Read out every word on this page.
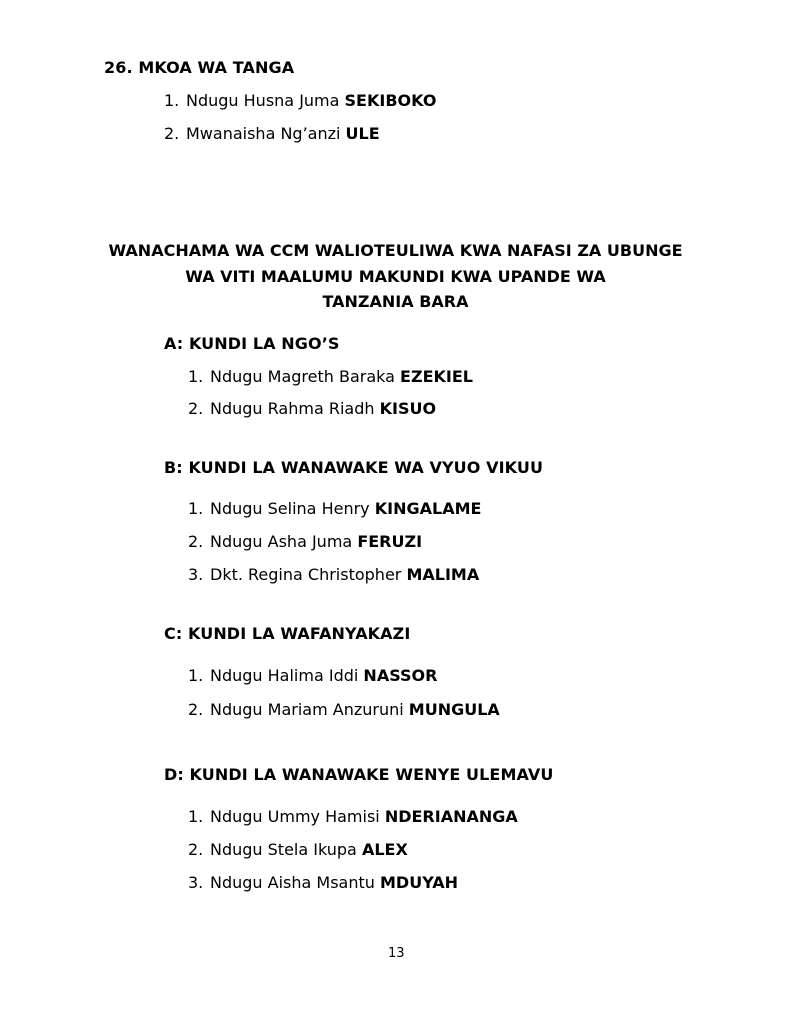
26. MKOA WA TANGA
1. Ndugu Husna Juma SEKIBOKO
2. Mwanaisha Ng’anzi ULE
WANACHAMA WA CCM WALIOTEULIWA KWA NAFASI ZA UBUNGE
WA VITI MAALUMU MAKUNDI KWA UPANDE WA
TANZANIA BARA
A: KUNDI LA NGO’S
1. Ndugu Magreth Baraka EZEKIEL
2. Ndugu Rahma Riadh KISUO
B: KUNDI LA WANAWAKE WA VYUO VIKUU
1. Ndugu Selina Henry KINGALAME
2. Ndugu Asha Juma FERUZI
3. Dkt. Regina Christopher MALIMA
C: KUNDI LA WAFANYAKAZI
1. Ndugu Halima Iddi NASSOR
2. Ndugu Mariam Anzuruni MUNGULA
D: KUNDI LA WANAWAKE WENYE ULEMAVU
1. Ndugu Ummy Hamisi NDERIANANGA
2. Ndugu Stela Ikupa ALEX
3. Ndugu Aisha Msantu MDUYAH
13
